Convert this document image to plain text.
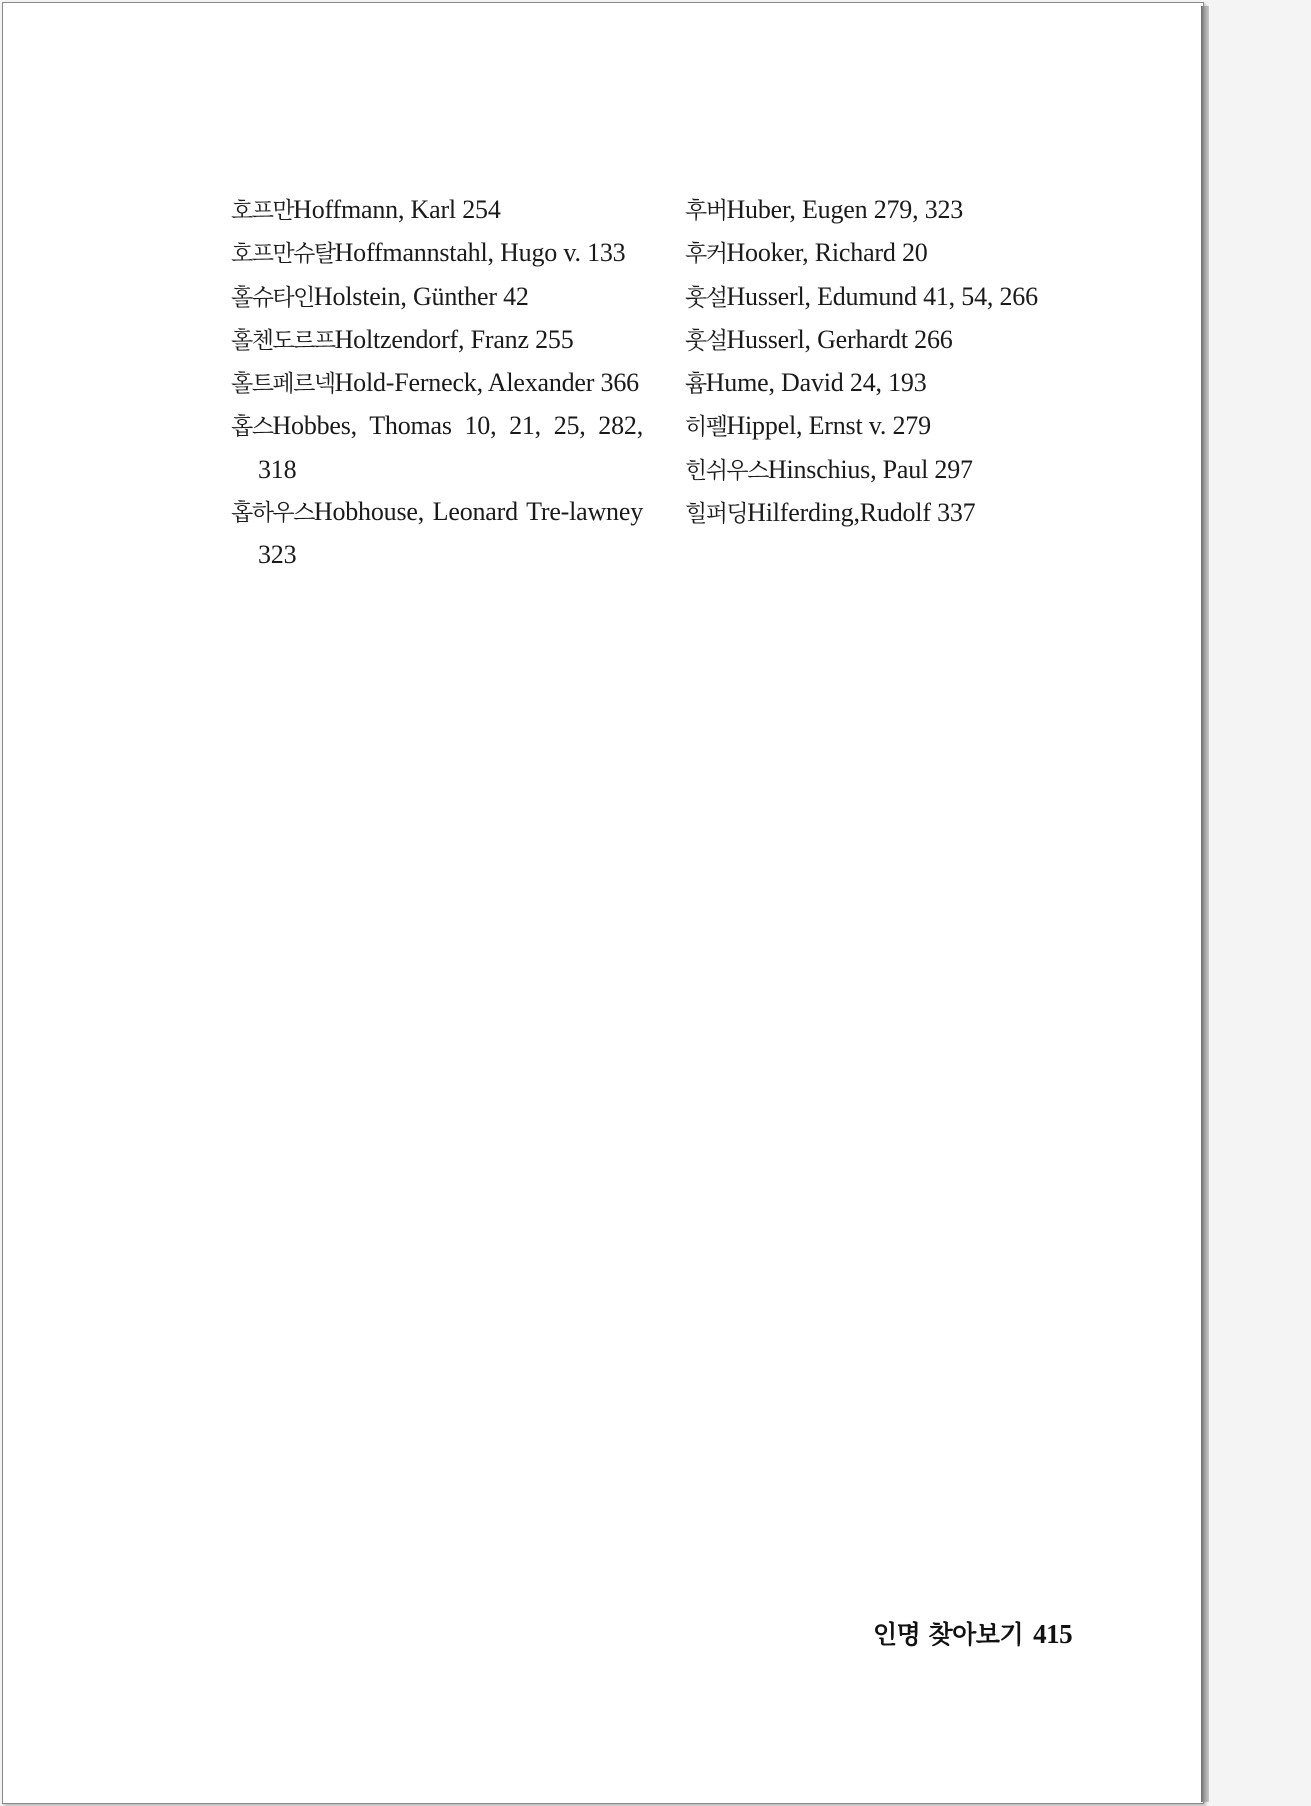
호프만Hoffmann, Karl 254

호프만슈탈Hoffmannstahl, Hugo v. 133

홀슈타인Holstein, Günther 42

홀첸도르프Holtzendorf, Franz 255

홀트페르넥Hold-Ferneck, Alexander 366

홉스Hobbes, Thomas 10, 21, 25, 282, 318

홉하우스Hobhouse, Leonard Tre-lawney 323

후버Huber, Eugen 279, 323

후커Hooker, Richard 20

훗설Husserl, Edumund 41, 54, 266

훗설Husserl, Gerhardt 266

흄Hume, David 24, 193

히펠Hippel, Ernst v. 279

힌쉬우스Hinschius, Paul 297

힐퍼딩Hilferding,Rudolf 337

인명 찾아보기 415
